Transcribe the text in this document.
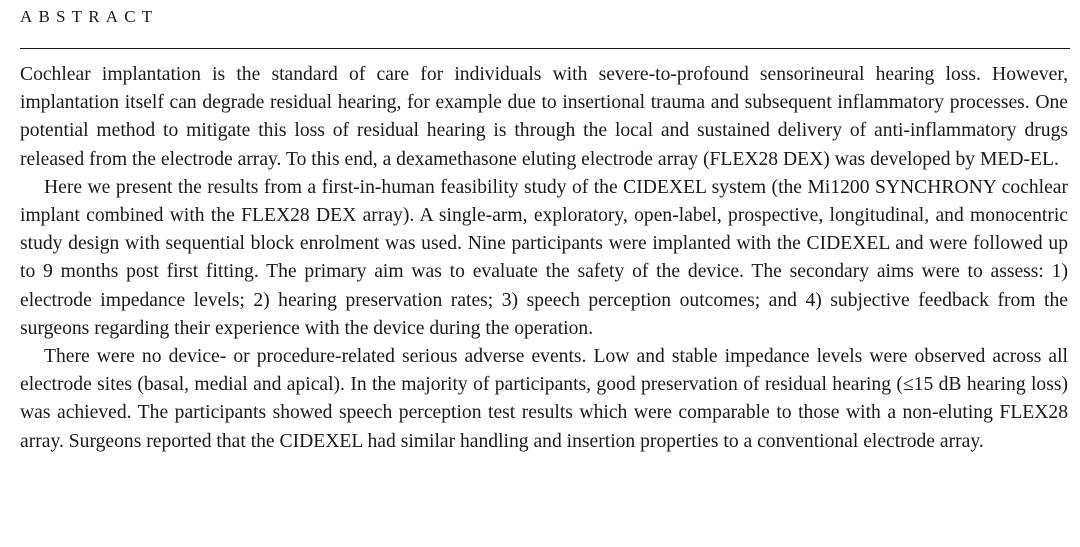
ABSTRACT

Cochlear implantation is the standard of care for individuals with severe-to-profound sensorineural hearing loss. However, implantation itself can degrade residual hearing, for example due to insertional trauma and subsequent inflammatory processes. One potential method to mitigate this loss of residual hearing is through the local and sustained delivery of anti-inflammatory drugs released from the electrode array. To this end, a dexamethasone eluting electrode array (FLEX28 DEX) was developed by MED-EL.

Here we present the results from a first-in-human feasibility study of the CIDEXEL system (the Mi1200 SYNCHRONY cochlear implant combined with the FLEX28 DEX array). A single-arm, exploratory, open-label, prospective, longitudinal, and monocentric study design with sequential block enrolment was used. Nine participants were implanted with the CIDEXEL and were followed up to 9 months post first fitting. The primary aim was to evaluate the safety of the device. The secondary aims were to assess: 1) electrode impedance levels; 2) hearing preservation rates; 3) speech perception outcomes; and 4) subjective feedback from the surgeons regarding their experience with the device during the operation.

There were no device- or procedure-related serious adverse events. Low and stable impedance levels were observed across all electrode sites (basal, medial and apical). In the majority of participants, good preservation of residual hearing (≤15 dB hearing loss) was achieved. The participants showed speech perception test results which were comparable to those with a non-eluting FLEX28 array. Surgeons reported that the CIDEXEL had similar handling and insertion properties to a conventional electrode array.
